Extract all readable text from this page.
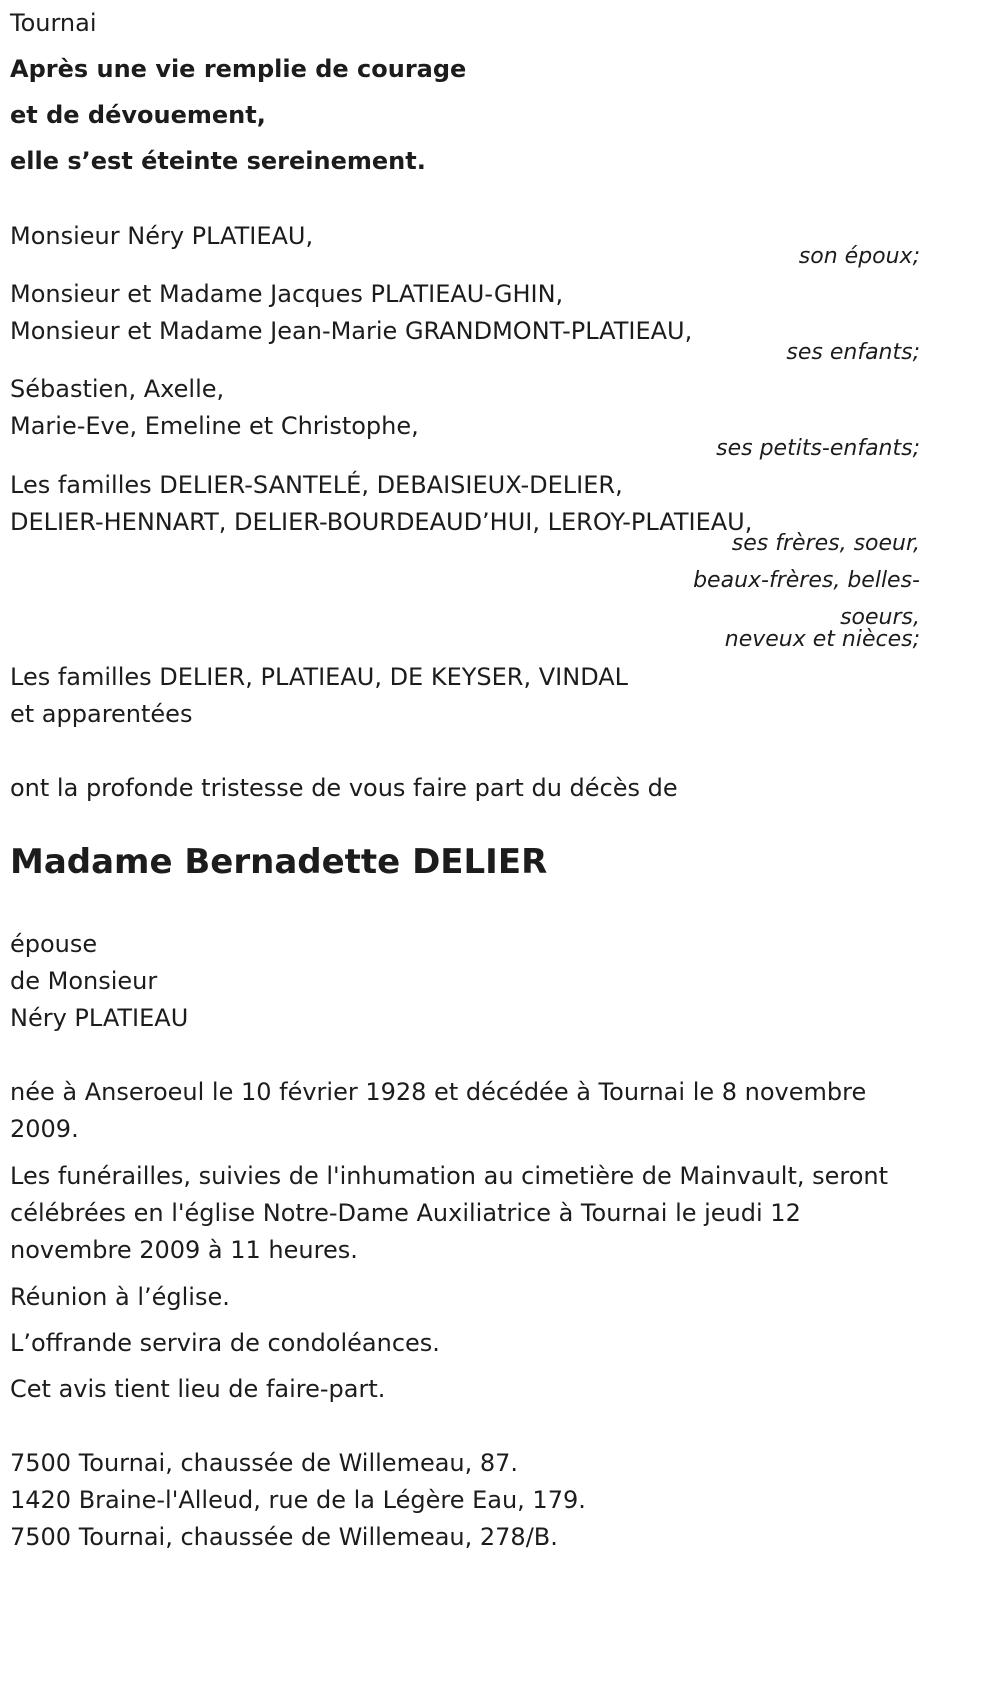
Tournai
Après une vie remplie de courage
et de dévouement,
elle s’est éteinte sereinement.
Monsieur Néry PLATIEAU,
son époux;
Monsieur et Madame Jacques PLATIEAU-GHIN,
Monsieur et Madame Jean-Marie GRANDMONT-PLATIEAU,
ses enfants;
Sébastien, Axelle,
Marie-Eve, Emeline et Christophe,
ses petits-enfants;
Les familles DELIER-SANTELÉ, DEBAISIEUX-DELIER,
DELIER-HENNART, DELIER-BOURDEAUD’HUI, LEROY-PLATIEAU,
ses frères, soeur,
beaux-frères, belles-
soeurs,
neveux et nièces;
Les familles DELIER, PLATIEAU, DE KEYSER, VINDAL
et apparentées
ont la profonde tristesse de vous faire part du décès de
Madame Bernadette DELIER
épouse
de Monsieur
Néry PLATIEAU
née à Anseroeul le 10 février 1928 et décédée à Tournai le 8 novembre
2009.
Les funérailles, suivies de l'inhumation au cimetière de Mainvault, seront
célébrées en l'église Notre-Dame Auxiliatrice à Tournai le jeudi 12
novembre 2009 à 11 heures.
Réunion à l’église.
L’offrande servira de condoléances.
Cet avis tient lieu de faire-part.
7500 Tournai, chaussée de Willemeau, 87.
1420 Braine-l'Alleud, rue de la Légère Eau, 179.
7500 Tournai, chaussée de Willemeau, 278/B.
